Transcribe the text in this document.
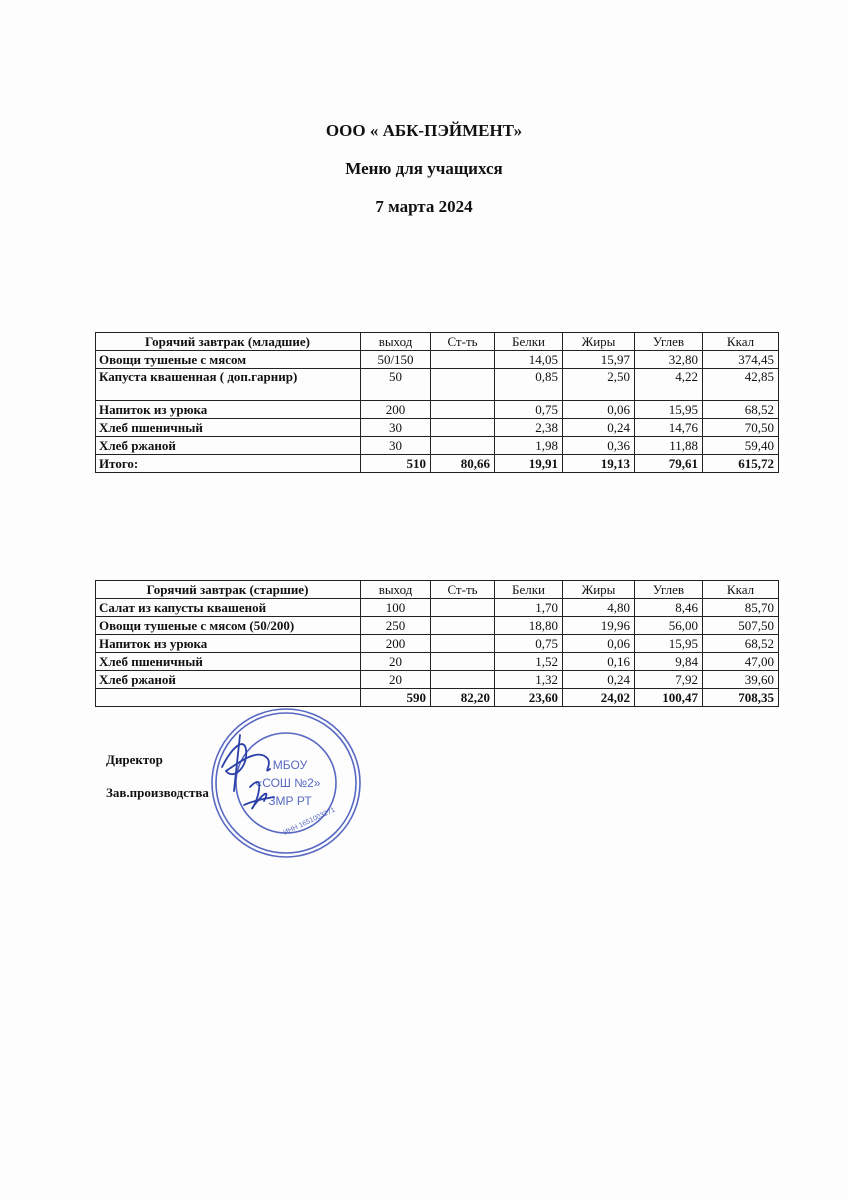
ООО « АБК-ПЭЙМЕНТ»
Меню для учащихся
7 марта 2024
Горячий завтрак (младшие)	выход	Ст-ть	Белки	Жиры	Углев	Ккал
Овощи тушеные с мясом	50/150		14,05	15,97	32,80	374,45
Капуста квашенная ( доп.гарнир)	50		0,85	2,50	4,22	42,85
Напиток из урюка	200		0,75	0,06	15,95	68,52
Хлеб пшеничный	30		2,38	0,24	14,76	70,50
Хлеб ржаной	30		1,98	0,36	11,88	59,40
Итого:	510	80,66	19,91	19,13	79,61	615,72
Горячий завтрак (старшие)	выход	Ст-ть	Белки	Жиры	Углев	Ккал
Салат из капусты квашеной	100		1,70	4,80	8,46	85,70
Овощи тушеные с мясом (50/200)	250		18,80	19,96	56,00	507,50
Напиток из урюка	200		0,75	0,06	15,95	68,52
Хлеб пшеничный	20		1,52	0,16	9,84	47,00
Хлеб ржаной	20		1,32	0,24	7,92	39,60
	590	82,20	23,60	24,02	100,47	708,35
Директор
Зав.производства
МБОУ
«СОШ №2»
ЗМР РТ
ИНН 1651003271
